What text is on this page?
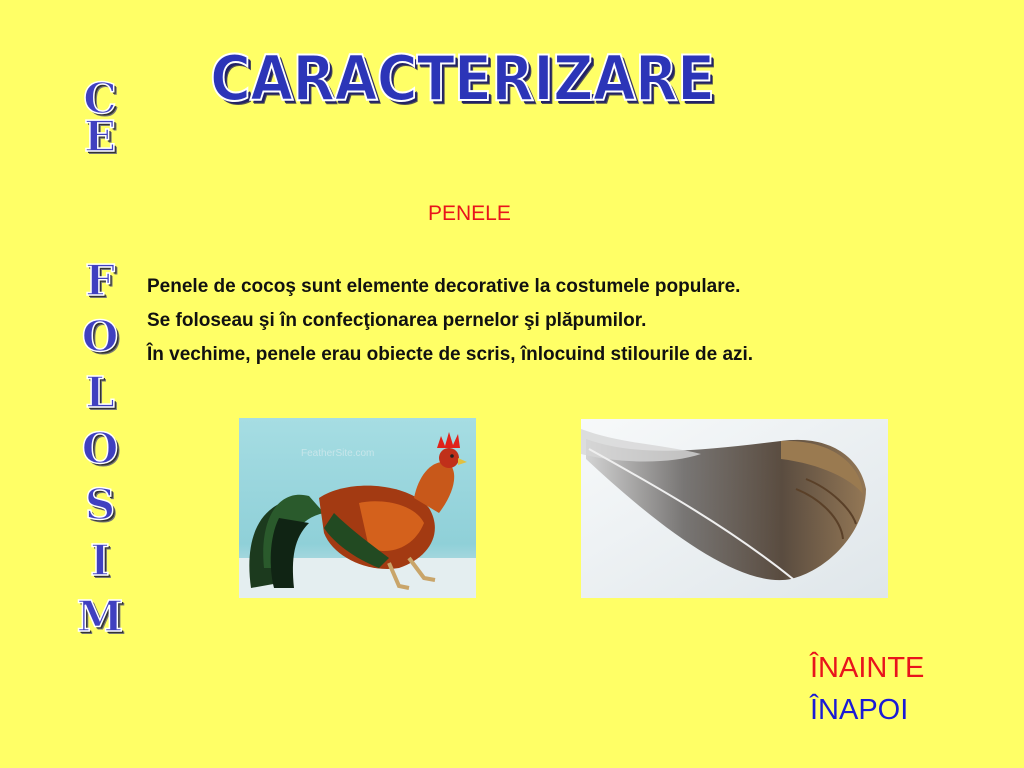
CARACTERIZARE
C
E
F
O
L
O
S
I
M
PENELE
Penele de cocoş sunt elemente decorative la costumele populare.
Se foloseau şi în confecţionarea pernelor şi plăpumilor.
În vechime, penele erau obiecte de scris, înlocuind stilourile de azi.
FeatherSite.com
ÎNAINTE
ÎNAPOI
